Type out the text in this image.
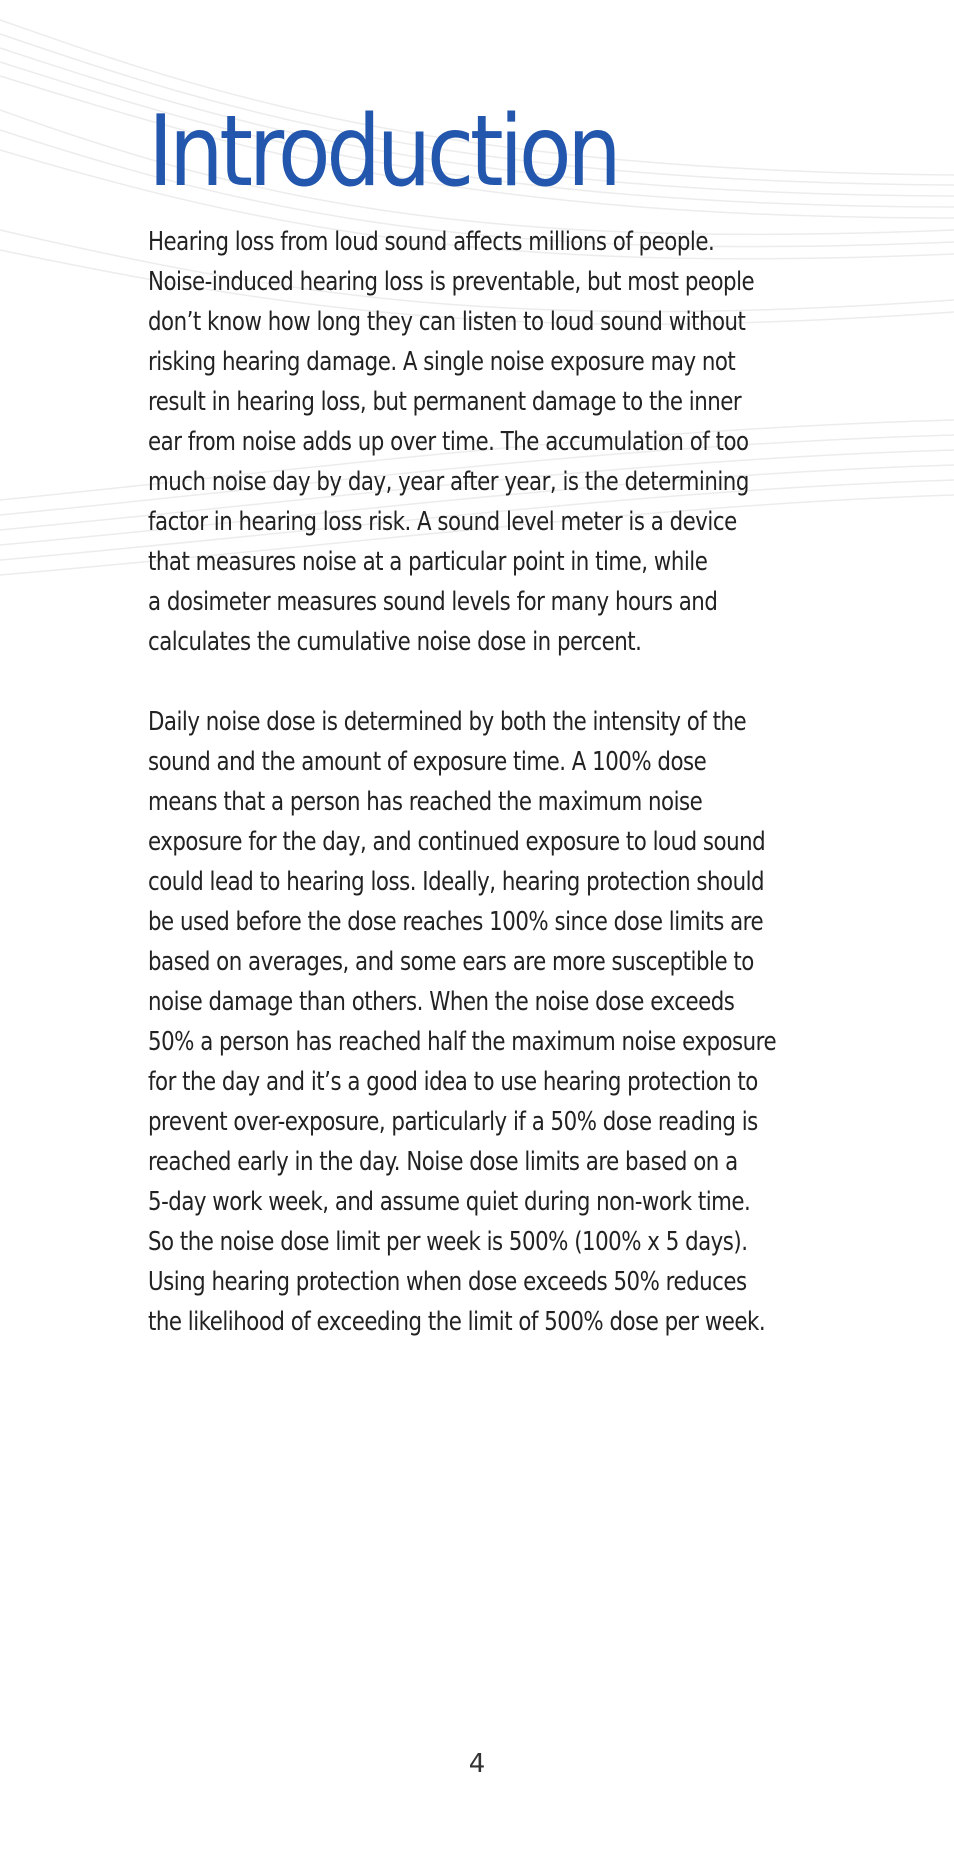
Introduction

Hearing loss from loud sound affects millions of people.
Noise-induced hearing loss is preventable, but most people
don’t know how long they can listen to loud sound without
risking hearing damage. A single noise exposure may not
result in hearing loss, but permanent damage to the inner
ear from noise adds up over time. The accumulation of too
much noise day by day, year after year, is the determining
factor in hearing loss risk. A sound level meter is a device
that measures noise at a particular point in time, while
a dosimeter measures sound levels for many hours and
calculates the cumulative noise dose in percent.

Daily noise dose is determined by both the intensity of the
sound and the amount of exposure time. A 100% dose
means that a person has reached the maximum noise
exposure for the day, and continued exposure to loud sound
could lead to hearing loss. Ideally, hearing protection should
be used before the dose reaches 100% since dose limits are
based on averages, and some ears are more susceptible to
noise damage than others. When the noise dose exceeds
50% a person has reached half the maximum noise exposure
for the day and it’s a good idea to use hearing protection to
prevent over-exposure, particularly if a 50% dose reading is
reached early in the day. Noise dose limits are based on a
5-day work week, and assume quiet during non-work time.
So the noise dose limit per week is 500% (100% x 5 days).
Using hearing protection when dose exceeds 50% reduces
the likelihood of exceeding the limit of 500% dose per week.

4
